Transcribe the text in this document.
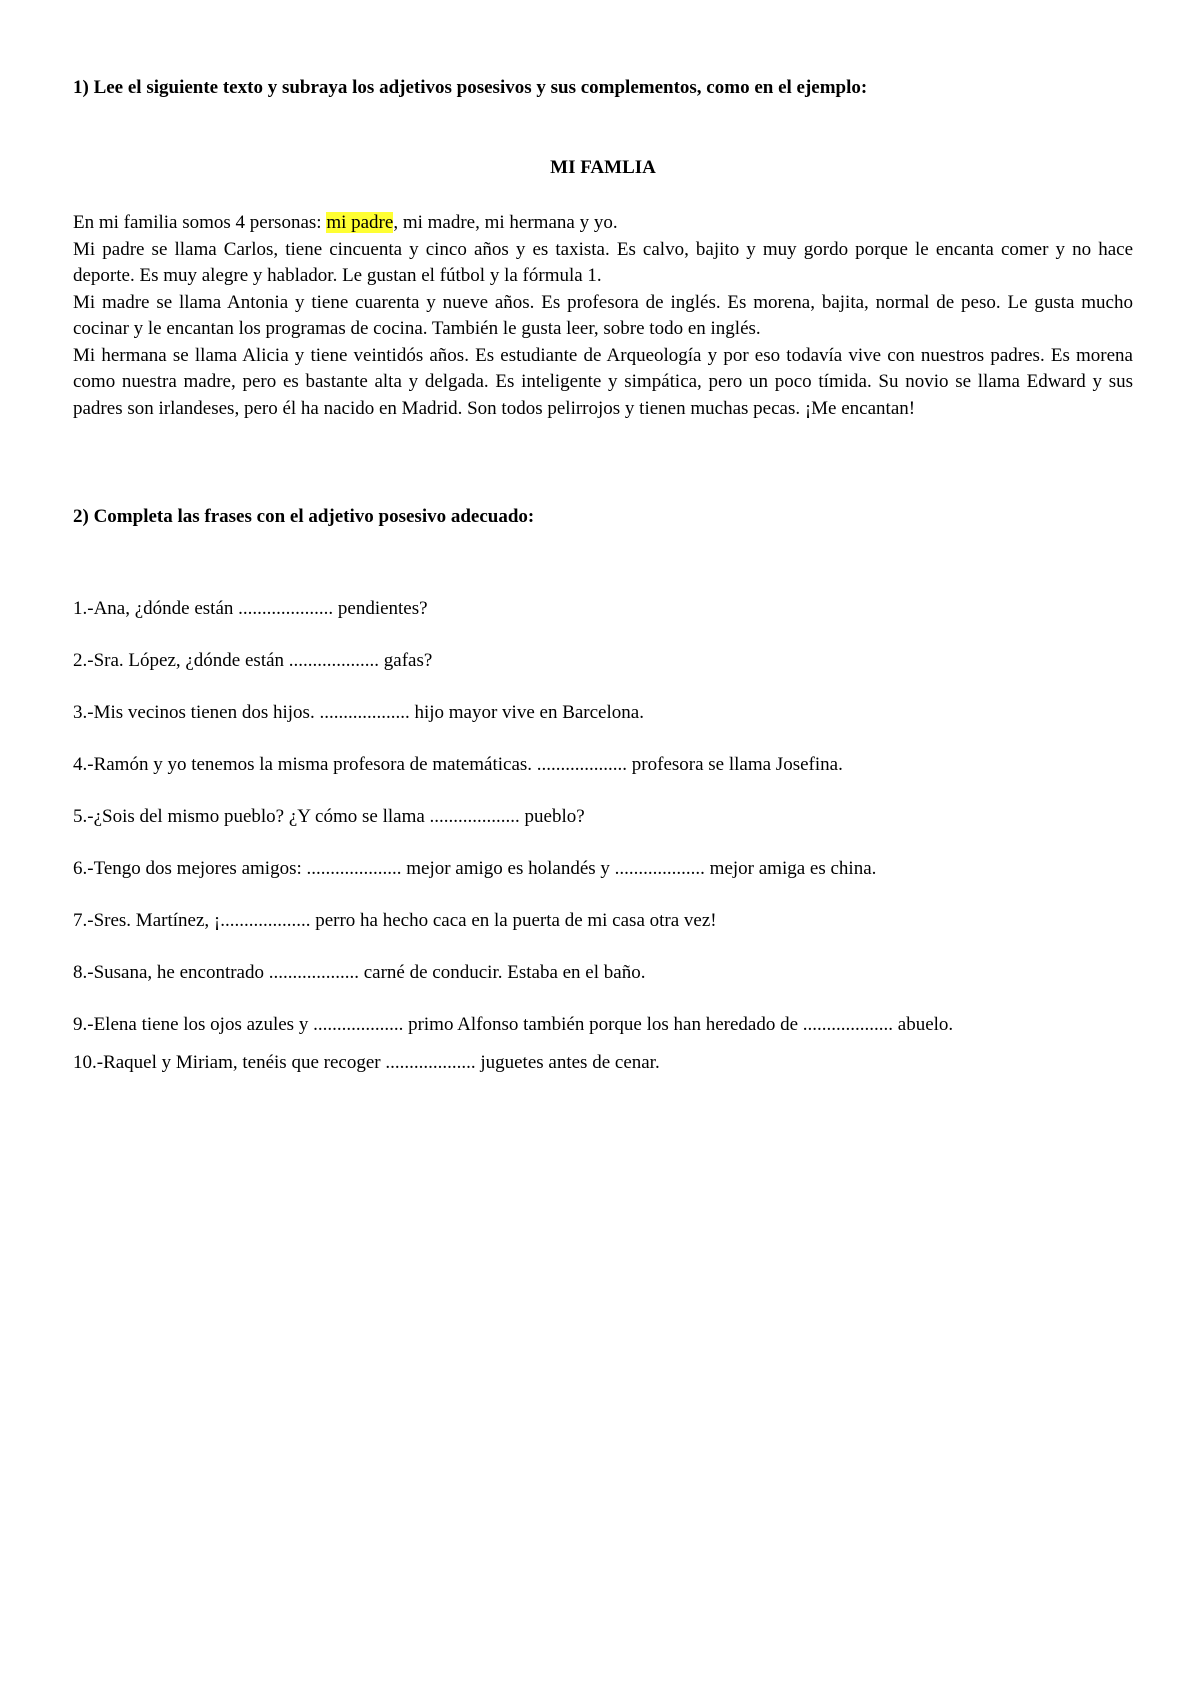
1) Lee el siguiente texto y subraya los adjetivos posesivos y sus complementos, como en el ejemplo:
MI FAMLIA

En mi familia somos 4 personas: mi padre, mi madre, mi hermana y yo.

Mi padre se llama Carlos, tiene cincuenta y cinco años y es taxista. Es calvo, bajito y muy gordo porque le encanta comer y no hace deporte. Es muy alegre y hablador. Le gustan el fútbol y la fórmula 1.

Mi madre se llama Antonia y tiene cuarenta y nueve años. Es profesora de inglés. Es morena, bajita, normal de peso. Le gusta mucho cocinar y le encantan los programas de cocina. También le gusta leer, sobre todo en inglés.

Mi hermana se llama Alicia y tiene veintidós años. Es estudiante de Arqueología y por eso todavía vive con nuestros padres. Es morena como nuestra madre, pero es bastante alta y delgada. Es inteligente y simpática, pero un poco tímida. Su novio se llama Edward y sus padres son irlandeses, pero él ha nacido en Madrid. Son todos pelirrojos y tienen muchas pecas. ¡Me encantan!

2) Completa las frases con el adjetivo posesivo adecuado:
1.- Ana, ¿dónde están .................... pendientes?
2.- Sra. López, ¿dónde están ................... gafas?
3.- Mis vecinos tienen dos hijos. ................... hijo mayor vive en Barcelona.
4.- Ramón y yo tenemos la misma profesora de matemáticas. ................... profesora se llama Josefina.
5.- ¿Sois del mismo pueblo? ¿Y cómo se llama ................... pueblo?
6.- Tengo dos mejores amigos: .................... mejor amigo es holandés y ................... mejor amiga es china.
7.- Sres. Martínez, ¡................... perro ha hecho caca en la puerta de mi casa otra vez!
8.- Susana, he encontrado ................... carné de conducir. Estaba en el baño.
9.- Elena tiene los ojos azules y ................... primo Alfonso también porque los han heredado de ................... abuelo.
10.- Raquel y Miriam, tenéis que recoger ................... juguetes antes de cenar.
